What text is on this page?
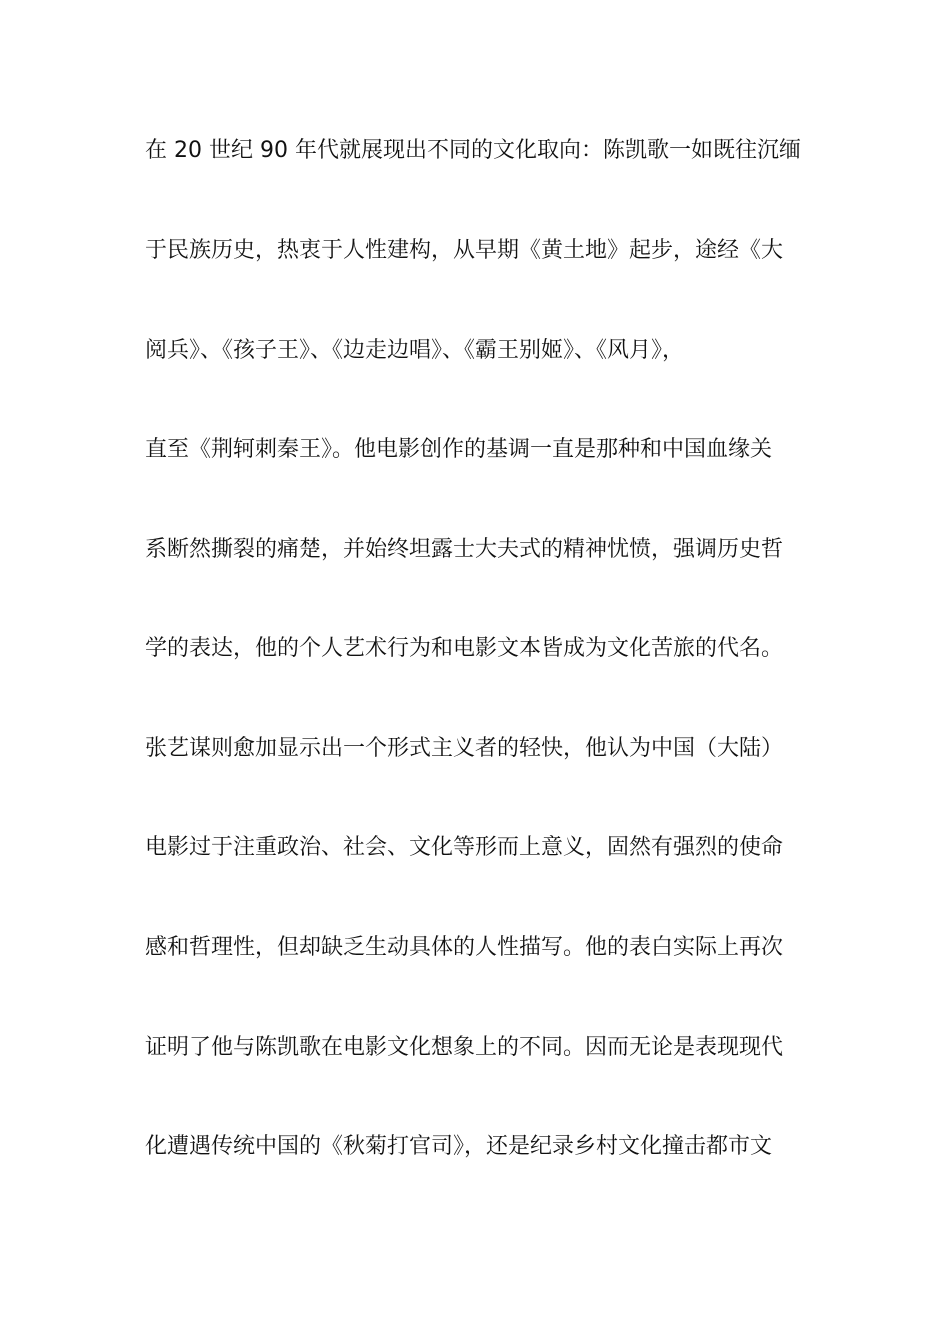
在 20 世纪 90 年代就展现出不同的文化取向：陈凯歌一如既往沉缅
于民族历史，热衷于人性建构，从早期《黄土地》起步，途经《大
阅兵》、《孩子王》、《边走边唱》、《霸王别姬》、《风月》，
直至《荆轲刺秦王》。他电影创作的基调一直是那种和中国血缘关
系断然撕裂的痛楚，并始终坦露士大夫式的精神忧愤，强调历史哲
学的表达，他的个人艺术行为和电影文本皆成为文化苦旅的代名。
张艺谋则愈加显示出一个形式主义者的轻快，他认为中国（大陆）
电影过于注重政治、社会、文化等形而上意义，固然有强烈的使命
感和哲理性，但却缺乏生动具体的人性描写。他的表白实际上再次
证明了他与陈凯歌在电影文化想象上的不同。因而无论是表现现代
化遭遇传统中国的《秋菊打官司》，还是纪录乡村文化撞击都市文
